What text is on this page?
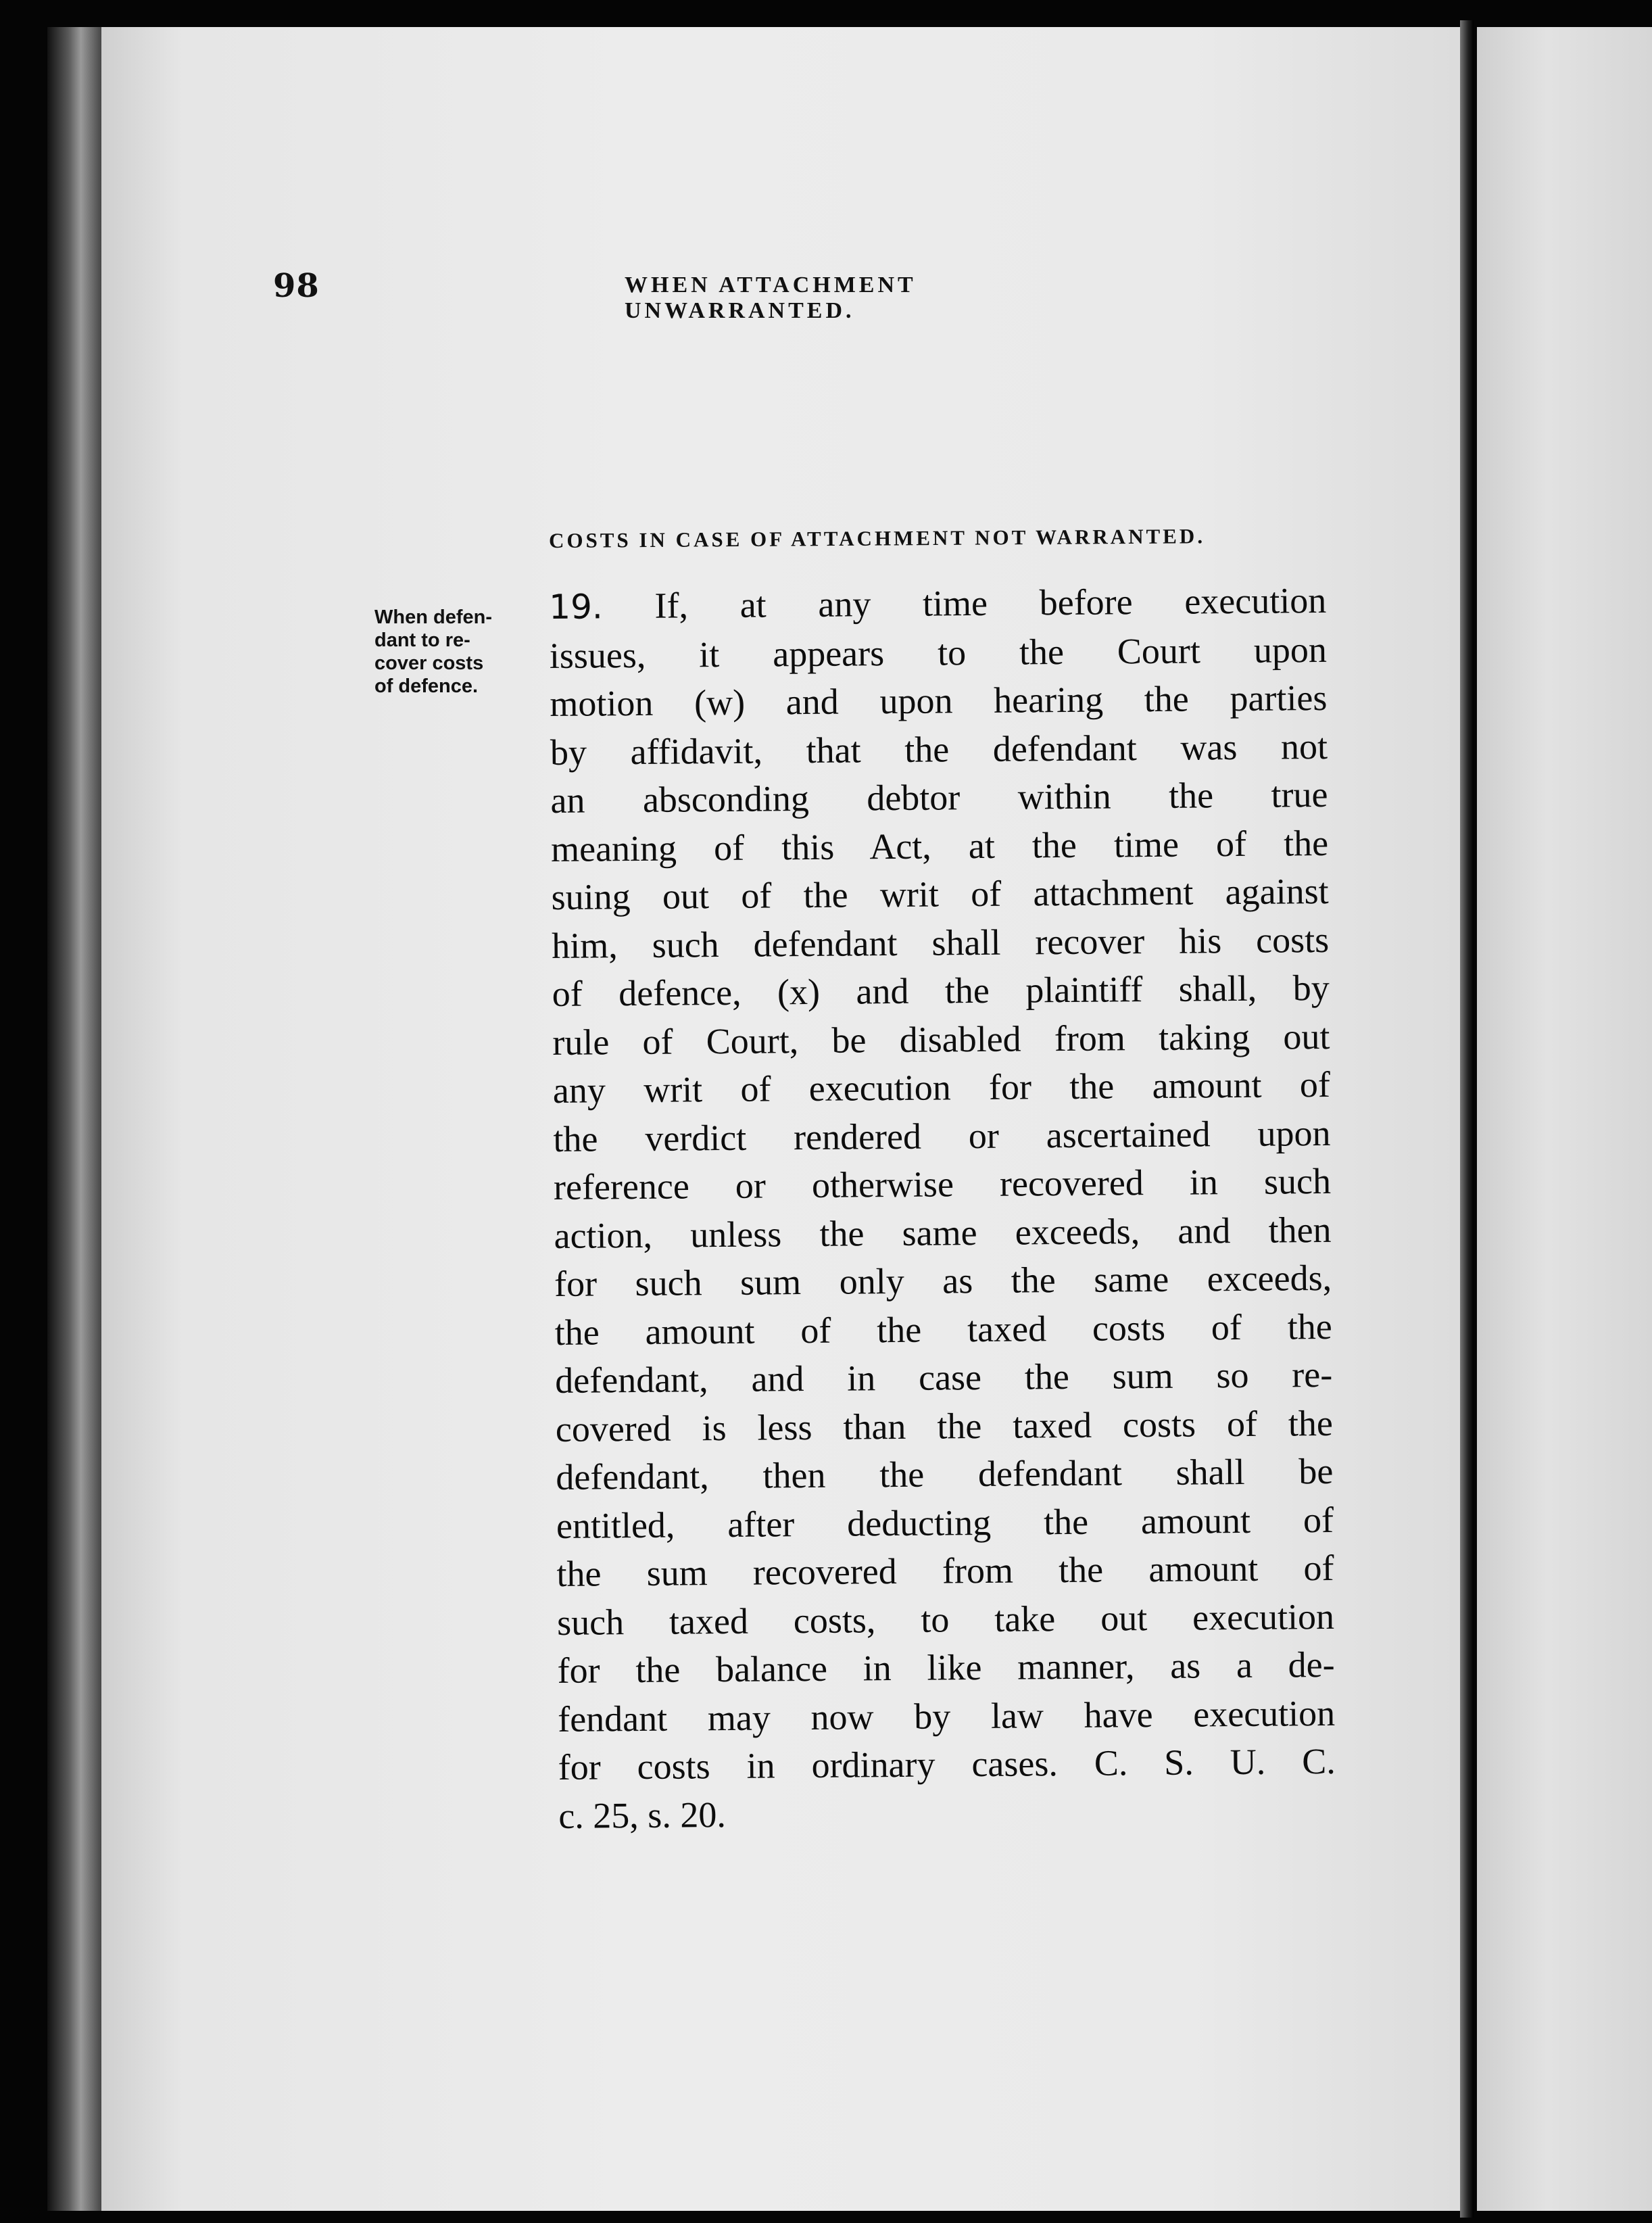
98	WHEN ATTACHMENT UNWARRANTED.
COSTS IN CASE OF ATTACHMENT NOT WARRANTED.
When defen-
dant to re-
cover costs
of defence.
19. If, at any time before execution
issues, it appears to the Court upon
motion (w) and upon hearing the parties
by affidavit, that the defendant was not
an absconding debtor within the true
meaning of this Act, at the time of the
suing out of the writ of attachment against
him, such defendant shall recover his costs
of defence, (x) and the plaintiff shall, by
rule of Court, be disabled from taking out
any writ of execution for the amount of
the verdict rendered or ascertained upon
reference or otherwise recovered in such
action, unless the same exceeds, and then
for such sum only as the same exceeds,
the amount of the taxed costs of the
defendant, and in case the sum so re-
covered is less than the taxed costs of the
defendant, then the defendant shall be
entitled, after deducting the amount of
the sum recovered from the amount of
such taxed costs, to take out execution
for the balance in like manner, as a de-
fendant may now by law have execution
for costs in ordinary cases. C. S. U. C.
c. 25, s. 20.
